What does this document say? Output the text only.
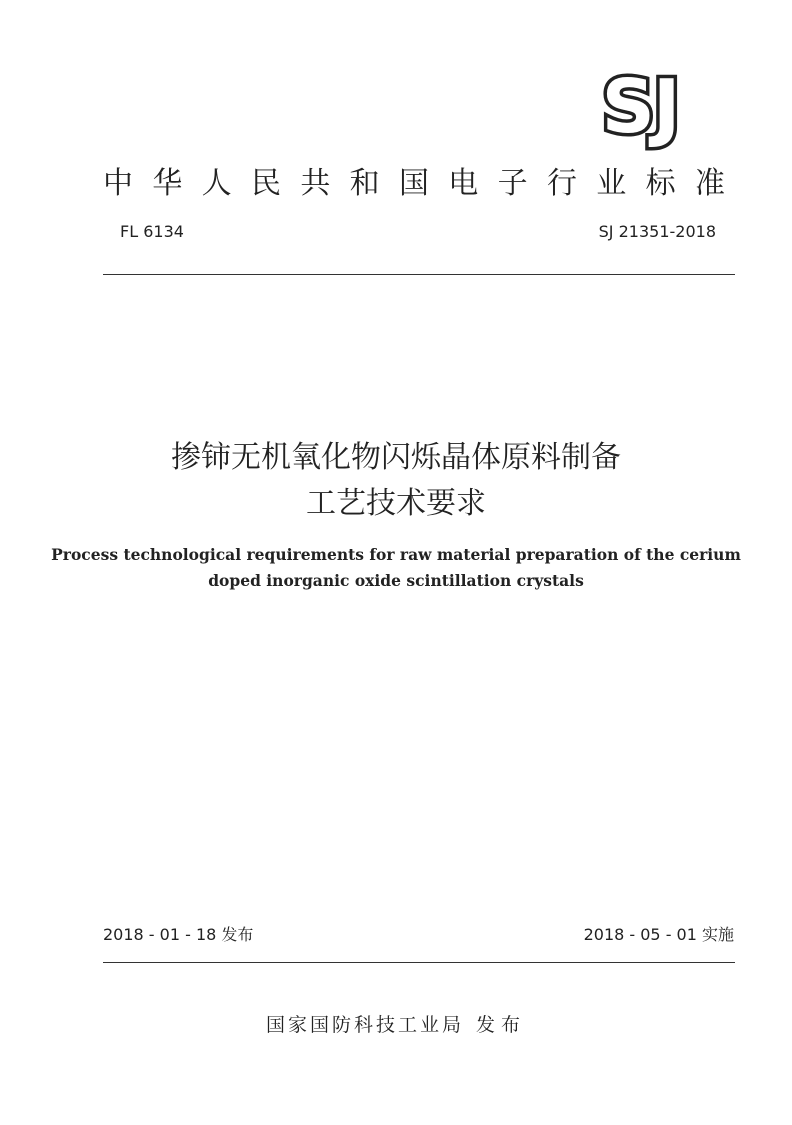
SJ
中 华 人 民 共 和 国 电 子 行 业 标 准
FL 6134	SJ 21351-2018
掺铈无机氧化物闪烁晶体原料制备
工艺技术要求
Process technological requirements for raw material preparation of the cerium
doped inorganic oxide scintillation crystals
2018 - 01 - 18 发布	2018 - 05 - 01 实施
国家国防科技工业局 发布
